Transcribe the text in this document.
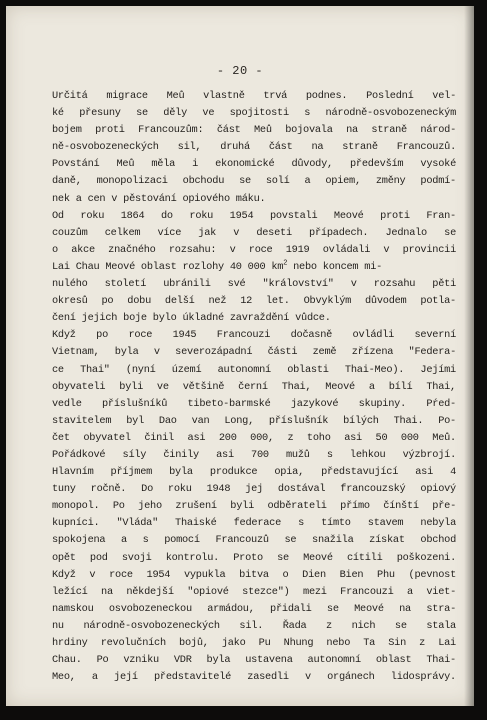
- 20 -
Určitá migrace Meů vlastně trvá podnes. Poslední vel-
ké přesuny se děly ve spojitosti s národně-osvobozeneckým
bojem proti Francouzům: část Meů bojovala na straně národ-
ně-osvobozeneckých sil, druhá část na straně Francouzů.
Povstání Meů měla i ekonomické důvody, především vysoké
daně, monopolizaci obchodu se solí a opiem, změny podmí-
nek a cen v pěstování opiového máku.
Od roku 1864 do roku 1954 povstali Meové proti Fran-
couzům celkem více jak v deseti případech. Jednalo se
o akce značného rozsahu: v roce 1919 ovládali v provincii
Lai Chau Meové oblast rozlohy 40 000 $km^2$ nebo koncem mi-
nulého století ubránili své "království" v rozsahu pěti
okresů po dobu delší než 12 let. Obvyklým důvodem potla-
čení jejich boje bylo úkladné zavraždění vůdce.
Když po roce 1945 Francouzi dočasně ovládli severní
Vietnam, byla v severozápadní části země zřízena "Federa-
ce Thai" (nyní území autonomní oblasti Thai-Meo). Jejími
obyvateli byli ve většině černí Thai, Meové a bílí Thai,
vedle příslušníků tibeto-barmské jazykové skupiny. Pŕed-
stavitelem byl Dao van Long, příslušník bílých Thai. Po-
čet obyvatel činil asi 200 000, z toho asi 50 000 Meů.
Pořádkové síly činily asi 700 mužů s lehkou výzbrojí.
Hlavním příjmem byla produkce opia, představující asi 4
tuny ročně. Do roku 1948 jej dostával francouzský opiový
monopol. Po jeho zrušení byli odběrateli přímo čínští pře-
kupníci. "Vláda" Thaiské federace s tímto stavem nebyla
spokojena a s pomocí Francouzů se snažila získat obchod
opět pod svoji kontrolu. Proto se Meové cítili poškozeni.
Když v roce 1954 vypukla bitva o Dien Bien Phu (pevnost
ležící na někdejší "opiové stezce") mezi Francouzi a viet-
namskou osvobozeneckou armádou, přidali se Meové na stra-
nu národně-osvobozeneckých sil. Řada z nich se stala
hrdiny revolučních bojů, jako Pu Nhung nebo Ta Sin z Lai
Chau. Po vzniku VDR byla ustavena autonomní oblast Thai-
Meo, a její představitelé zasedli v orgánech lidosprávy.
